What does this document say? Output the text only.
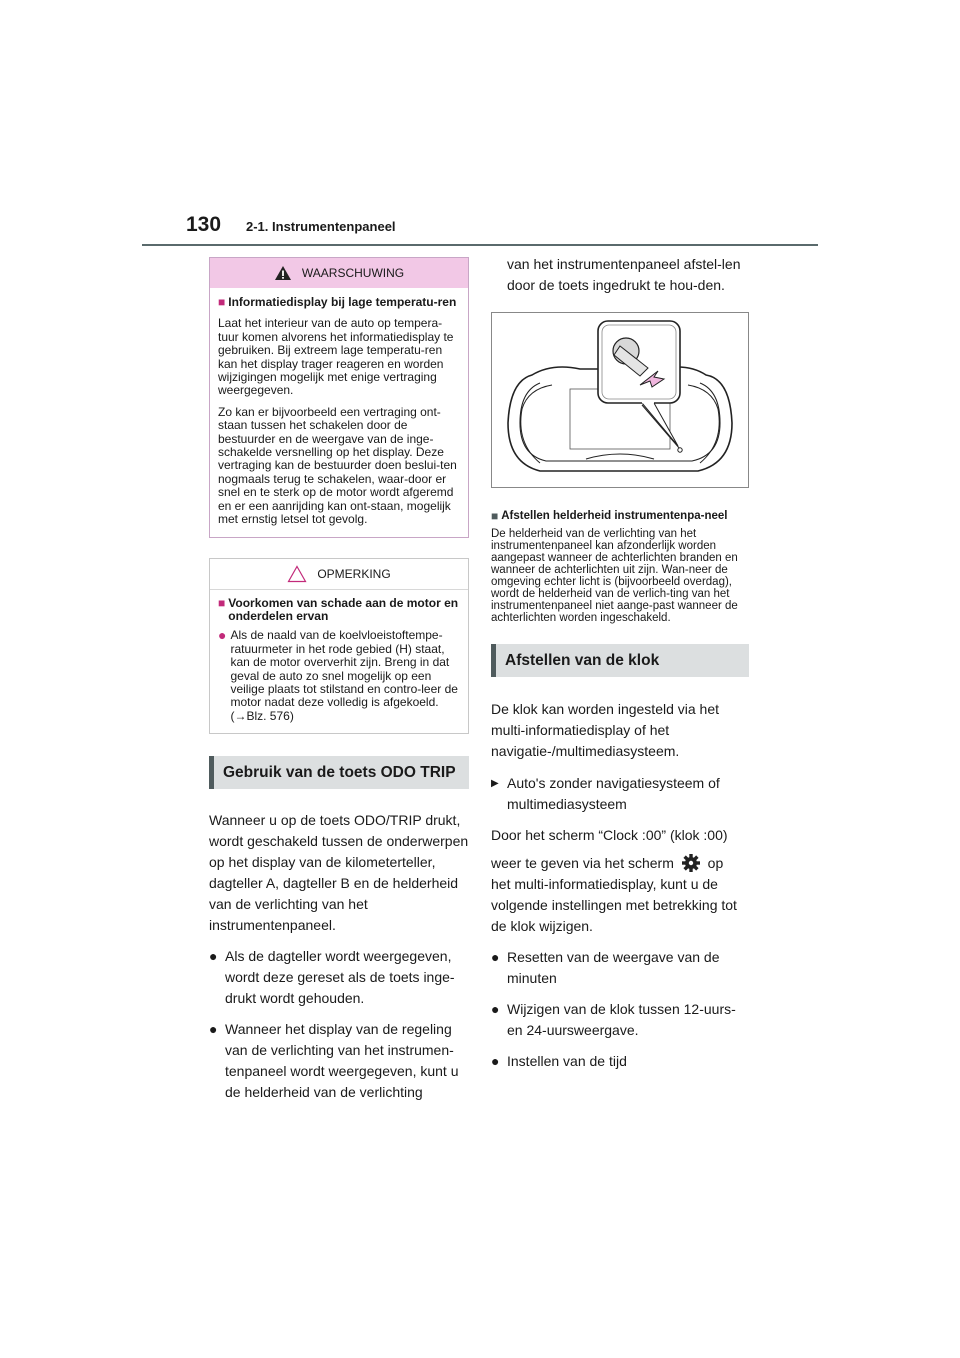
130 2-1. Instrumentenpaneel
WAARSCHUWING
■ Informatiedisplay bij lage temperatu-ren

Laat het interieur van de auto op tempera-tuur komen alvorens het informatiedisplay te gebruiken. Bij extreem lage temperatu-ren kan het display trager reageren en worden wijzigingen mogelijk met enige vertraging weergegeven.

Zo kan er bijvoorbeeld een vertraging ont-staan tussen het schakelen door de bestuurder en de weergave van de inge-schakelde versnelling op het display. Deze vertraging kan de bestuurder doen beslui-ten nogmaals terug te schakelen, waar-door er snel en te sterk op de motor wordt afgeremd en er een aanrijding kan ont-staan, mogelijk met ernstig letsel tot gevolg.

OPMERKING
■ Voorkomen van schade aan de motor en onderdelen ervan
● Als de naald van de koelvloeistoftempe-ratuurmeter in het rode gebied (H) staat, kan de motor oververhit zijn. Breng in dat geval de auto zo snel mogelijk op een veilige plaats tot stilstand en contro-leer de motor nadat deze volledig is afgekoeld. (→Blz. 576)
Gebruik van de toets ODO TRIP

Wanneer u op de toets ODO/TRIP drukt, wordt geschakeld tussen de onderwerpen op het display van de kilometerteller, dagteller A, dagteller B en de helderheid van de verlichting van het instrumentenpaneel.

● Als de dagteller wordt weergegeven, wordt deze gereset als de toets inge-drukt wordt gehouden.
● Wanneer het display van de regeling van de verlichting van het instrumen-tenpaneel wordt weergegeven, kunt u de helderheid van de verlichting
van het instrumentenpaneel afstel-len door de toets ingedrukt te hou-den.
■ Afstellen helderheid instrumentenpa-neel
De helderheid van de verlichting van het instrumentenpaneel kan afzonderlijk worden aangepast wanneer de achterlichten branden en wanneer de achterlichten uit zijn. Wan-neer de omgeving echter licht is (bijvoorbeeld overdag), wordt de helderheid van de verlich-ting van het instrumentenpaneel niet aange-past wanneer de achterlichten worden ingeschakeld.
Afstellen van de klok

De klok kan worden ingesteld via het multi-informatiedisplay of het navigatie-/multimediasysteem.

▶ Auto's zonder navigatiesysteem of multimediasysteem

Door het scherm “Clock :00” (klok :00)

weer te geven via het scherm op

het multi-informatiedisplay, kunt u de volgende instellingen met betrekking tot de klok wijzigen.

● Resetten van de weergave van de minuten
● Wijzigen van de klok tussen 12-uurs- en 24-uursweergave.
● Instellen van de tijd
